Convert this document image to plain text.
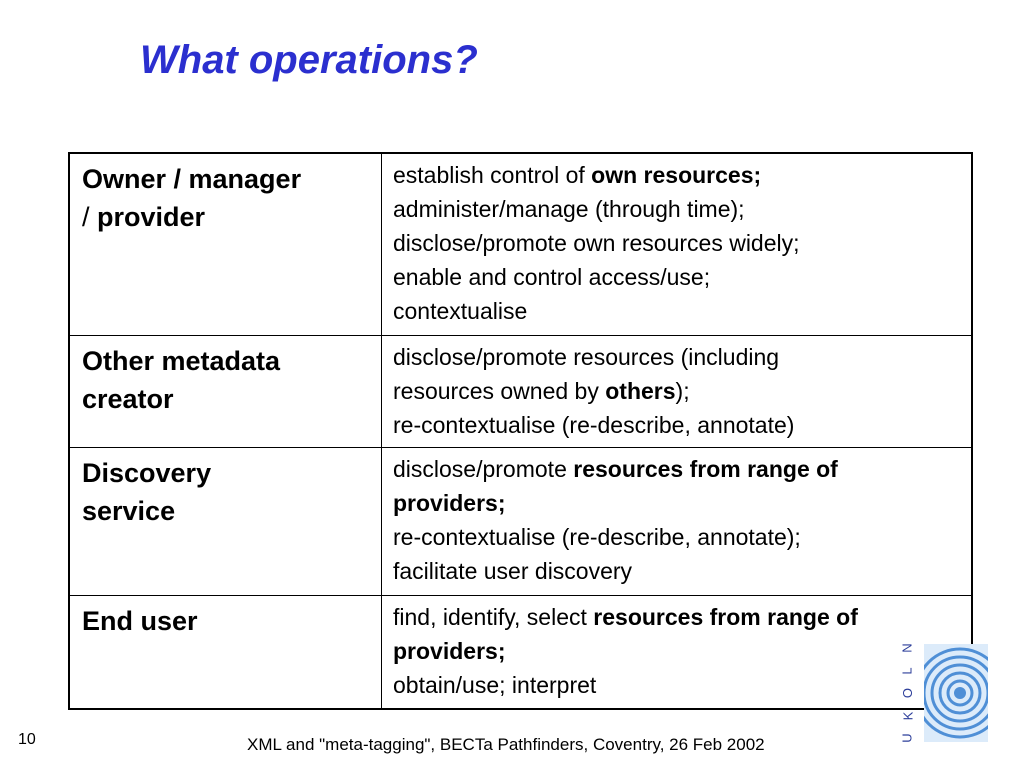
What operations?
Owner / manager
/ provider	establish control of own resources;
administer/manage (through time);
disclose/promote own resources widely;
enable and control access/use;
contextualise

Other metadata
creator	disclose/promote resources (including
resources owned by others);
re-contextualise (re-describe, annotate)

Discovery
service	disclose/promote resources from range of
providers;
re-contextualise (re-describe, annotate);
facilitate user discovery

End user	find, identify, select resources from range of
providers;
obtain/use; interpret
N
L
O
K
U
10	XML and "meta-tagging", BECTa Pathfinders, Coventry, 26 Feb 2002
